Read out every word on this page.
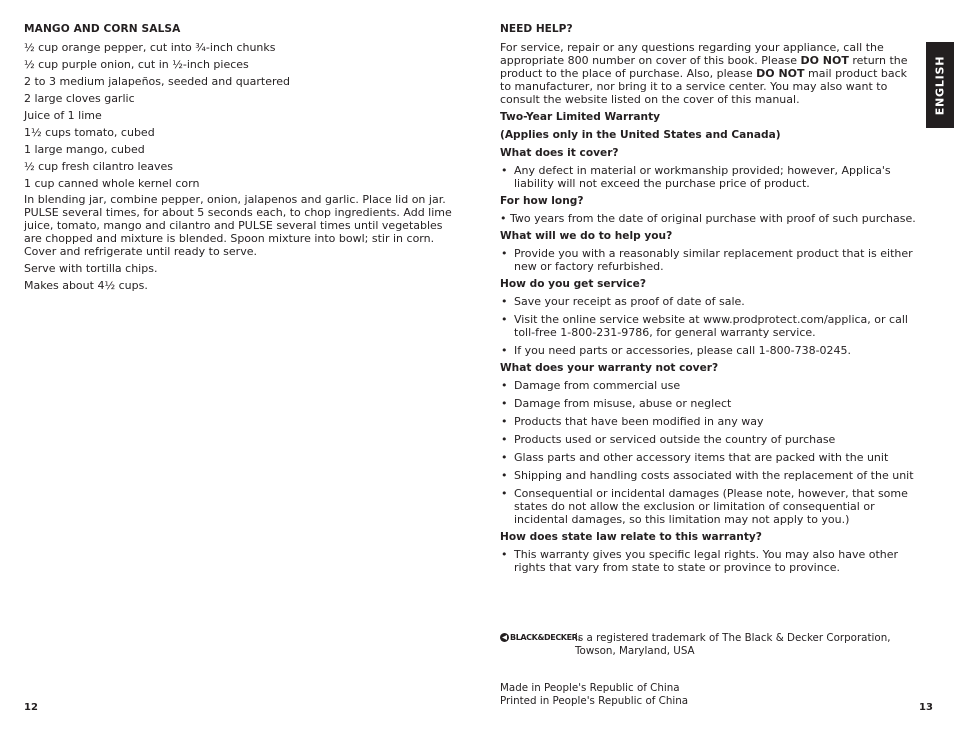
MANGO AND CORN SALSA
½ cup orange pepper, cut into ¾-inch chunks
½ cup purple onion, cut in ½-inch pieces
2 to 3 medium jalapeños, seeded and quartered
2 large cloves garlic
Juice of 1 lime
1½ cups tomato, cubed
1 large mango, cubed
½ cup fresh cilantro leaves
1 cup canned whole kernel corn
In blending jar, combine pepper, onion, jalapenos and garlic. Place lid on jar. PULSE several times, for about 5 seconds each, to chop ingredients. Add lime juice, tomato, mango and cilantro and PULSE several times until vegetables are chopped and mixture is blended. Spoon mixture into bowl; stir in corn. Cover and refrigerate until ready to serve.
Serve with tortilla chips.
Makes about 4½ cups.
NEED HELP?
For service, repair or any questions regarding your appliance, call the appropriate 800 number on cover of this book. Please DO NOT return the product to the place of purchase. Also, please DO NOT mail product back to manufacturer, nor bring it to a service center. You may also want to consult the website listed on the cover of this manual.
Two-Year Limited Warranty
(Applies only in the United States and Canada)
What does it cover?
• Any defect in material or workmanship provided; however, Applica's liability will not exceed the purchase price of product.
For how long?
• Two years from the date of original purchase with proof of such purchase.
What will we do to help you?
• Provide you with a reasonably similar replacement product that is either new or factory refurbished.
How do you get service?
• Save your receipt as proof of date of sale.
• Visit the online service website at www.prodprotect.com/applica, or call toll-free 1-800-231-9786, for general warranty service.
• If you need parts or accessories, please call 1-800-738-0245.
What does your warranty not cover?
• Damage from commercial use
• Damage from misuse, abuse or neglect
• Products that have been modified in any way
• Products used or serviced outside the country of purchase
• Glass parts and other accessory items that are packed with the unit
• Shipping and handling costs associated with the replacement of the unit
• Consequential or incidental damages (Please note, however, that some states do not allow the exclusion or limitation of consequential or incidental damages, so this limitation may not apply to you.)
How does state law relate to this warranty?
• This warranty gives you specific legal rights. You may also have other rights that vary from state to state or province to province.
BLACK&DECKER.
is a registered trademark of The Black & Decker Corporation,
Towson, Maryland, USA
Made in People's Republic of China
Printed in People's Republic of China
12	13
ENGLISH
